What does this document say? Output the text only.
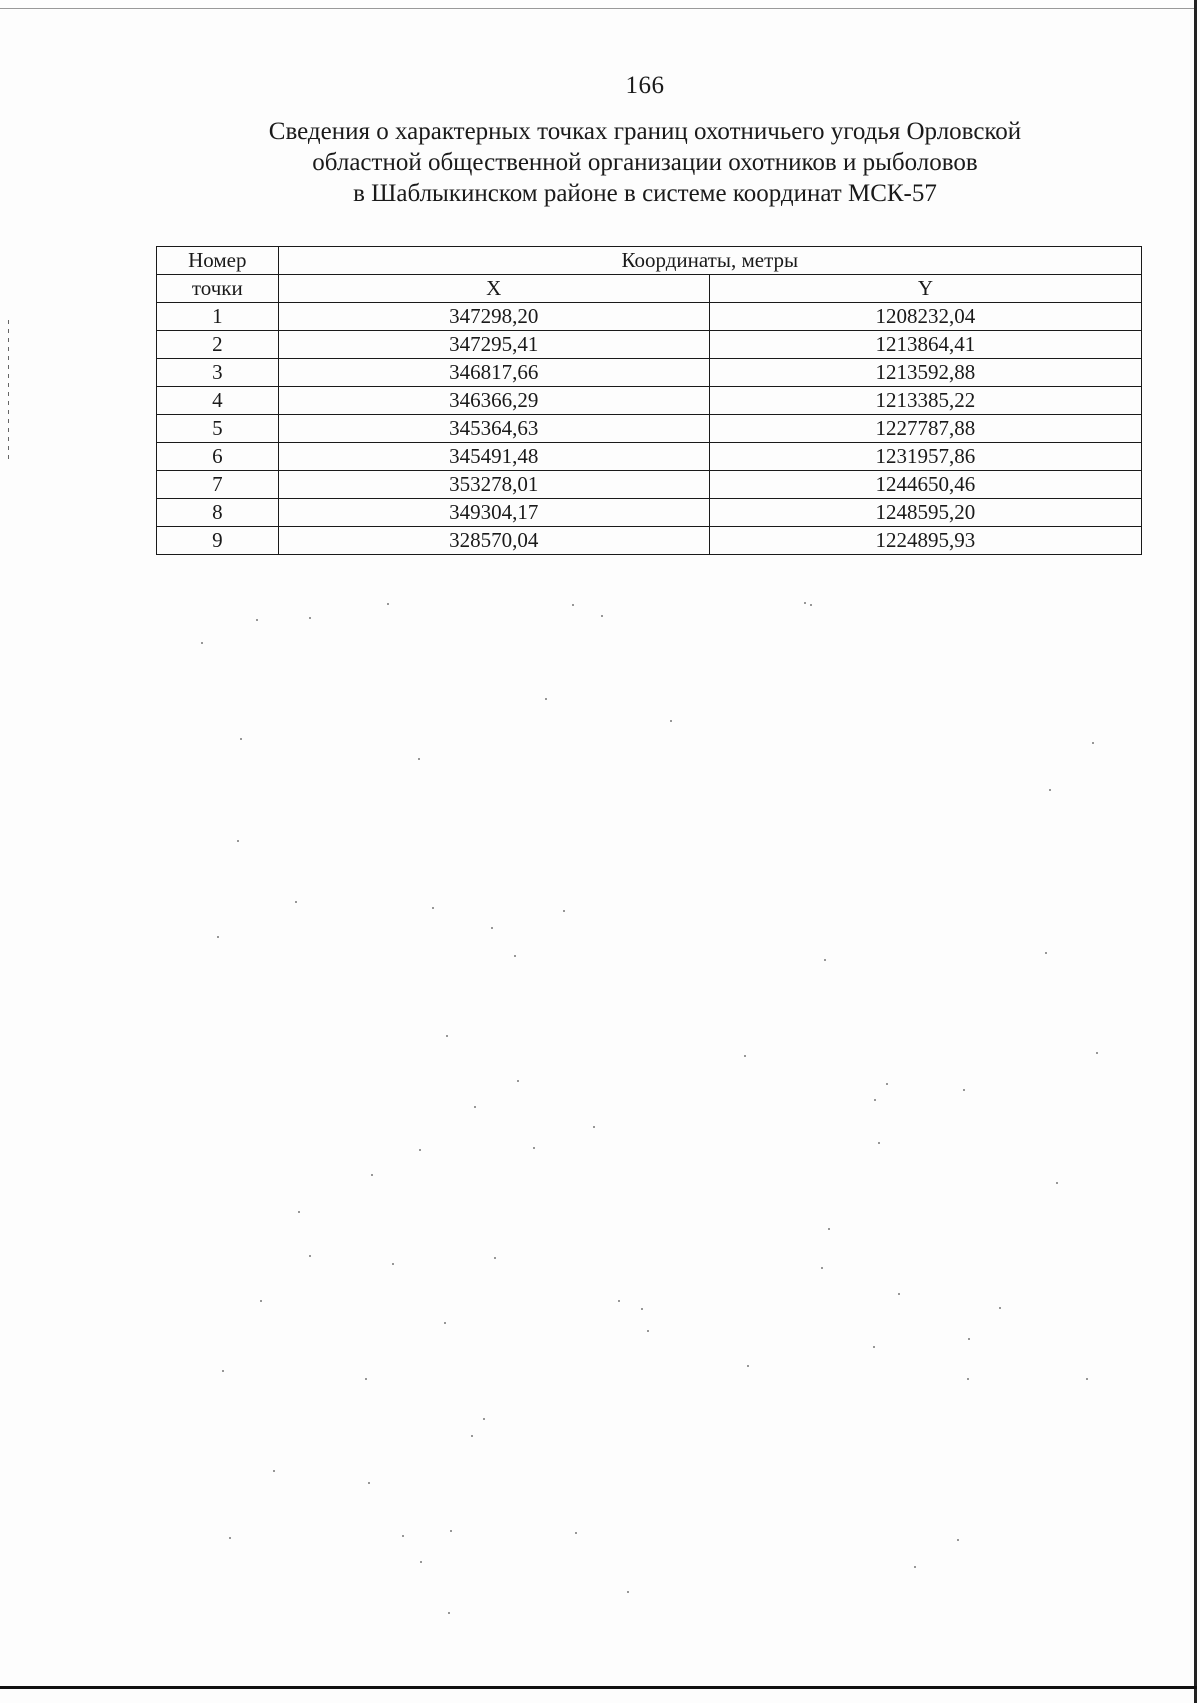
166
Сведения о характерных точках границ охотничьего угодья Орловской
областной общественной организации охотников и рыболовов
в Шаблыкинском районе в системе координат МСК-57
Номер	Координаты, метры	
точки	X	Y
1	347298,20	1208232,04
2	347295,41	1213864,41
3	346817,66	1213592,88
4	346366,29	1213385,22
5	345364,63	1227787,88
6	345491,48	1231957,86
7	353278,01	1244650,46
8	349304,17	1248595,20
9	328570,04	1224895,93
